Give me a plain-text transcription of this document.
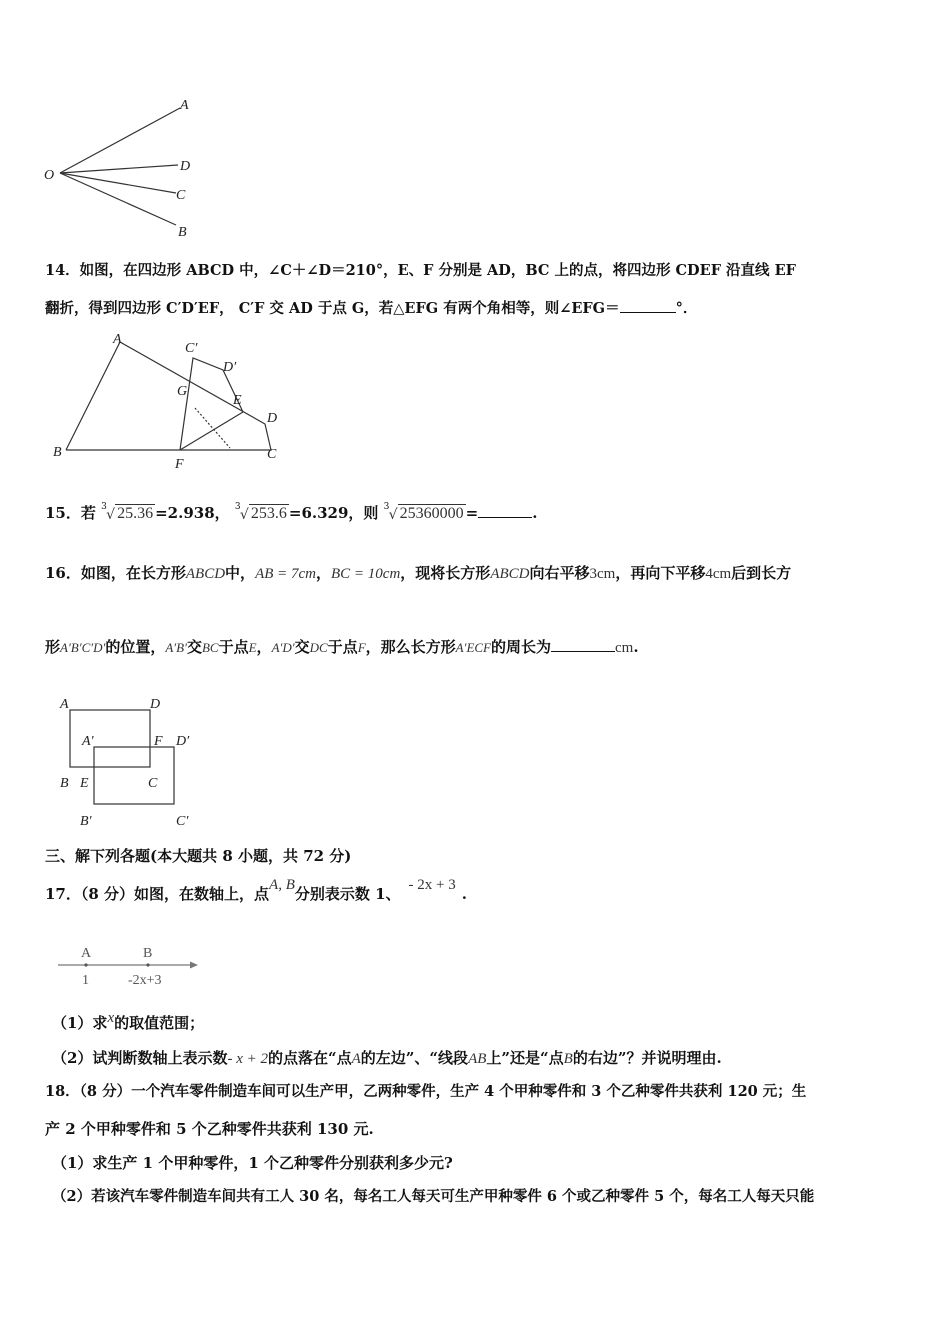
A
D
C
B
O
14．如图，在四边形 ABCD 中，∠C＋∠D＝210°，E、F 分别是 AD，BC 上的点，将四边形 CDEF 沿直线 EF
翻折，得到四边形 C′D′EF， C′F 交 AD 于点 G，若△EFG 有两个角相等，则∠EFG＝	°．
A
C′
D′
G
E
D
B
F
C
15．若 3 √ 25.36 =2.938， 3 √ 253.6 =6.329，则 3 √ 25360000 =	.
16．如图，在长方形ABCD中，AB = 7cm，BC = 10cm，现将长方形ABCD向右平移3cm，再向下平移4cm后到长方
形A′B′C′D′的位置，A′B′交BC于点E，A′D′交DC于点F，那么长方形A′ECF的周长为	cm.
A	D
A′	F D′
B E	C
B′	C′
三、解下列各题(本大题共 8 小题，共 72 分)
17．（8 分）如图，在数轴上，点A, B分别表示数 1、 - 2x + 3 .
A	B
1	-2x+3
（1）求x的取值范围；
（2）试判断数轴上表示数- x + 2的点落在“点A的左边”、“线段AB上”还是“点B的右边”？并说明理由.
18．（8 分）一个汽车零件制造车间可以生产甲，乙两种零件，生产 4 个甲种零件和 3 个乙种零件共获利 120 元；生
产 2 个甲种零件和 5 个乙种零件共获利 130 元.
（1）求生产 1 个甲种零件，1 个乙种零件分别获利多少元?
（2）若该汽车零件制造车间共有工人 30 名，每名工人每天可生产甲种零件 6 个或乙种零件 5 个，每名工人每天只能
